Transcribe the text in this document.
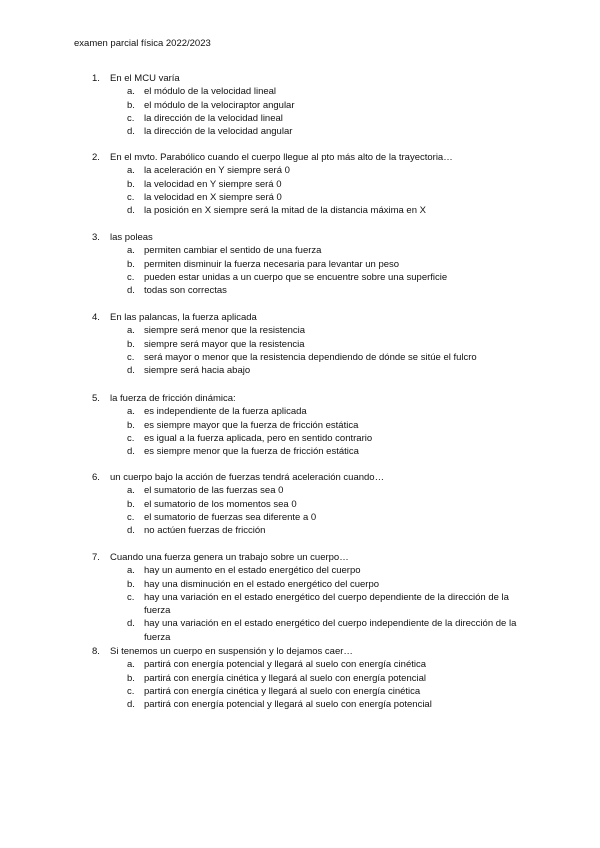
examen parcial física 2022/2023
1.	En el MCU varía
a. el módulo de la velocidad lineal
b. el módulo de la velociraptor angular
c.	la dirección de la velocidad lineal
d. la dirección de la velocidad angular
2.	En el mvto. Parabólico cuando el cuerpo llegue al pto más alto de la trayectoria…
a. la aceleración en Y siempre será 0
b. la velocidad en Y siempre será 0
c.	la velocidad en X siempre será 0
d. la posición en X siempre será la mitad de la distancia máxima en X
3.	las poleas
a. permiten cambiar el sentido de una fuerza
b. permiten disminuir la fuerza necesaria para levantar un peso
c.	pueden estar unidas a un cuerpo que se encuentre sobre una superficie
d. todas son correctas
4.	En las palancas, la fuerza aplicada
a. siempre será menor que la resistencia
b. siempre será mayor que la resistencia
c.	será mayor o menor que la resistencia dependiendo de dónde se sitúe el fulcro
d. siempre será hacia abajo
5.	la fuerza de fricción dinámica:
a. es independiente de la fuerza aplicada
b. es siempre mayor que la fuerza de fricción estática
c.	es igual a la fuerza aplicada, pero en sentido contrario
d. es siempre menor que la fuerza de fricción estática
6.	un cuerpo bajo la acción de fuerzas tendrá aceleración cuando…
a. el sumatorio de las fuerzas sea 0
b. el sumatorio de los momentos sea 0
c.	el sumatorio de fuerzas sea diferente a 0
d. no actúen fuerzas de fricción
7.	Cuando una fuerza genera un trabajo sobre un cuerpo…
a. hay un aumento en el estado energético del cuerpo
b. hay una disminución en el estado energético del cuerpo
c.	hay una variación en el estado energético del cuerpo dependiente de la dirección de la fuerza
d. hay una variación en el estado energético del cuerpo independiente de la dirección de la fuerza
8.	Si tenemos un cuerpo en suspensión y lo dejamos caer…
a. partirá con energía potencial y llegará al suelo con energía cinética
b. partirá con energía cinética y llegará al suelo con energía potencial
c.	partirá con energía cinética y llegará al suelo con energía cinética
d. partirá con energía potencial y llegará al suelo con energía potencial
